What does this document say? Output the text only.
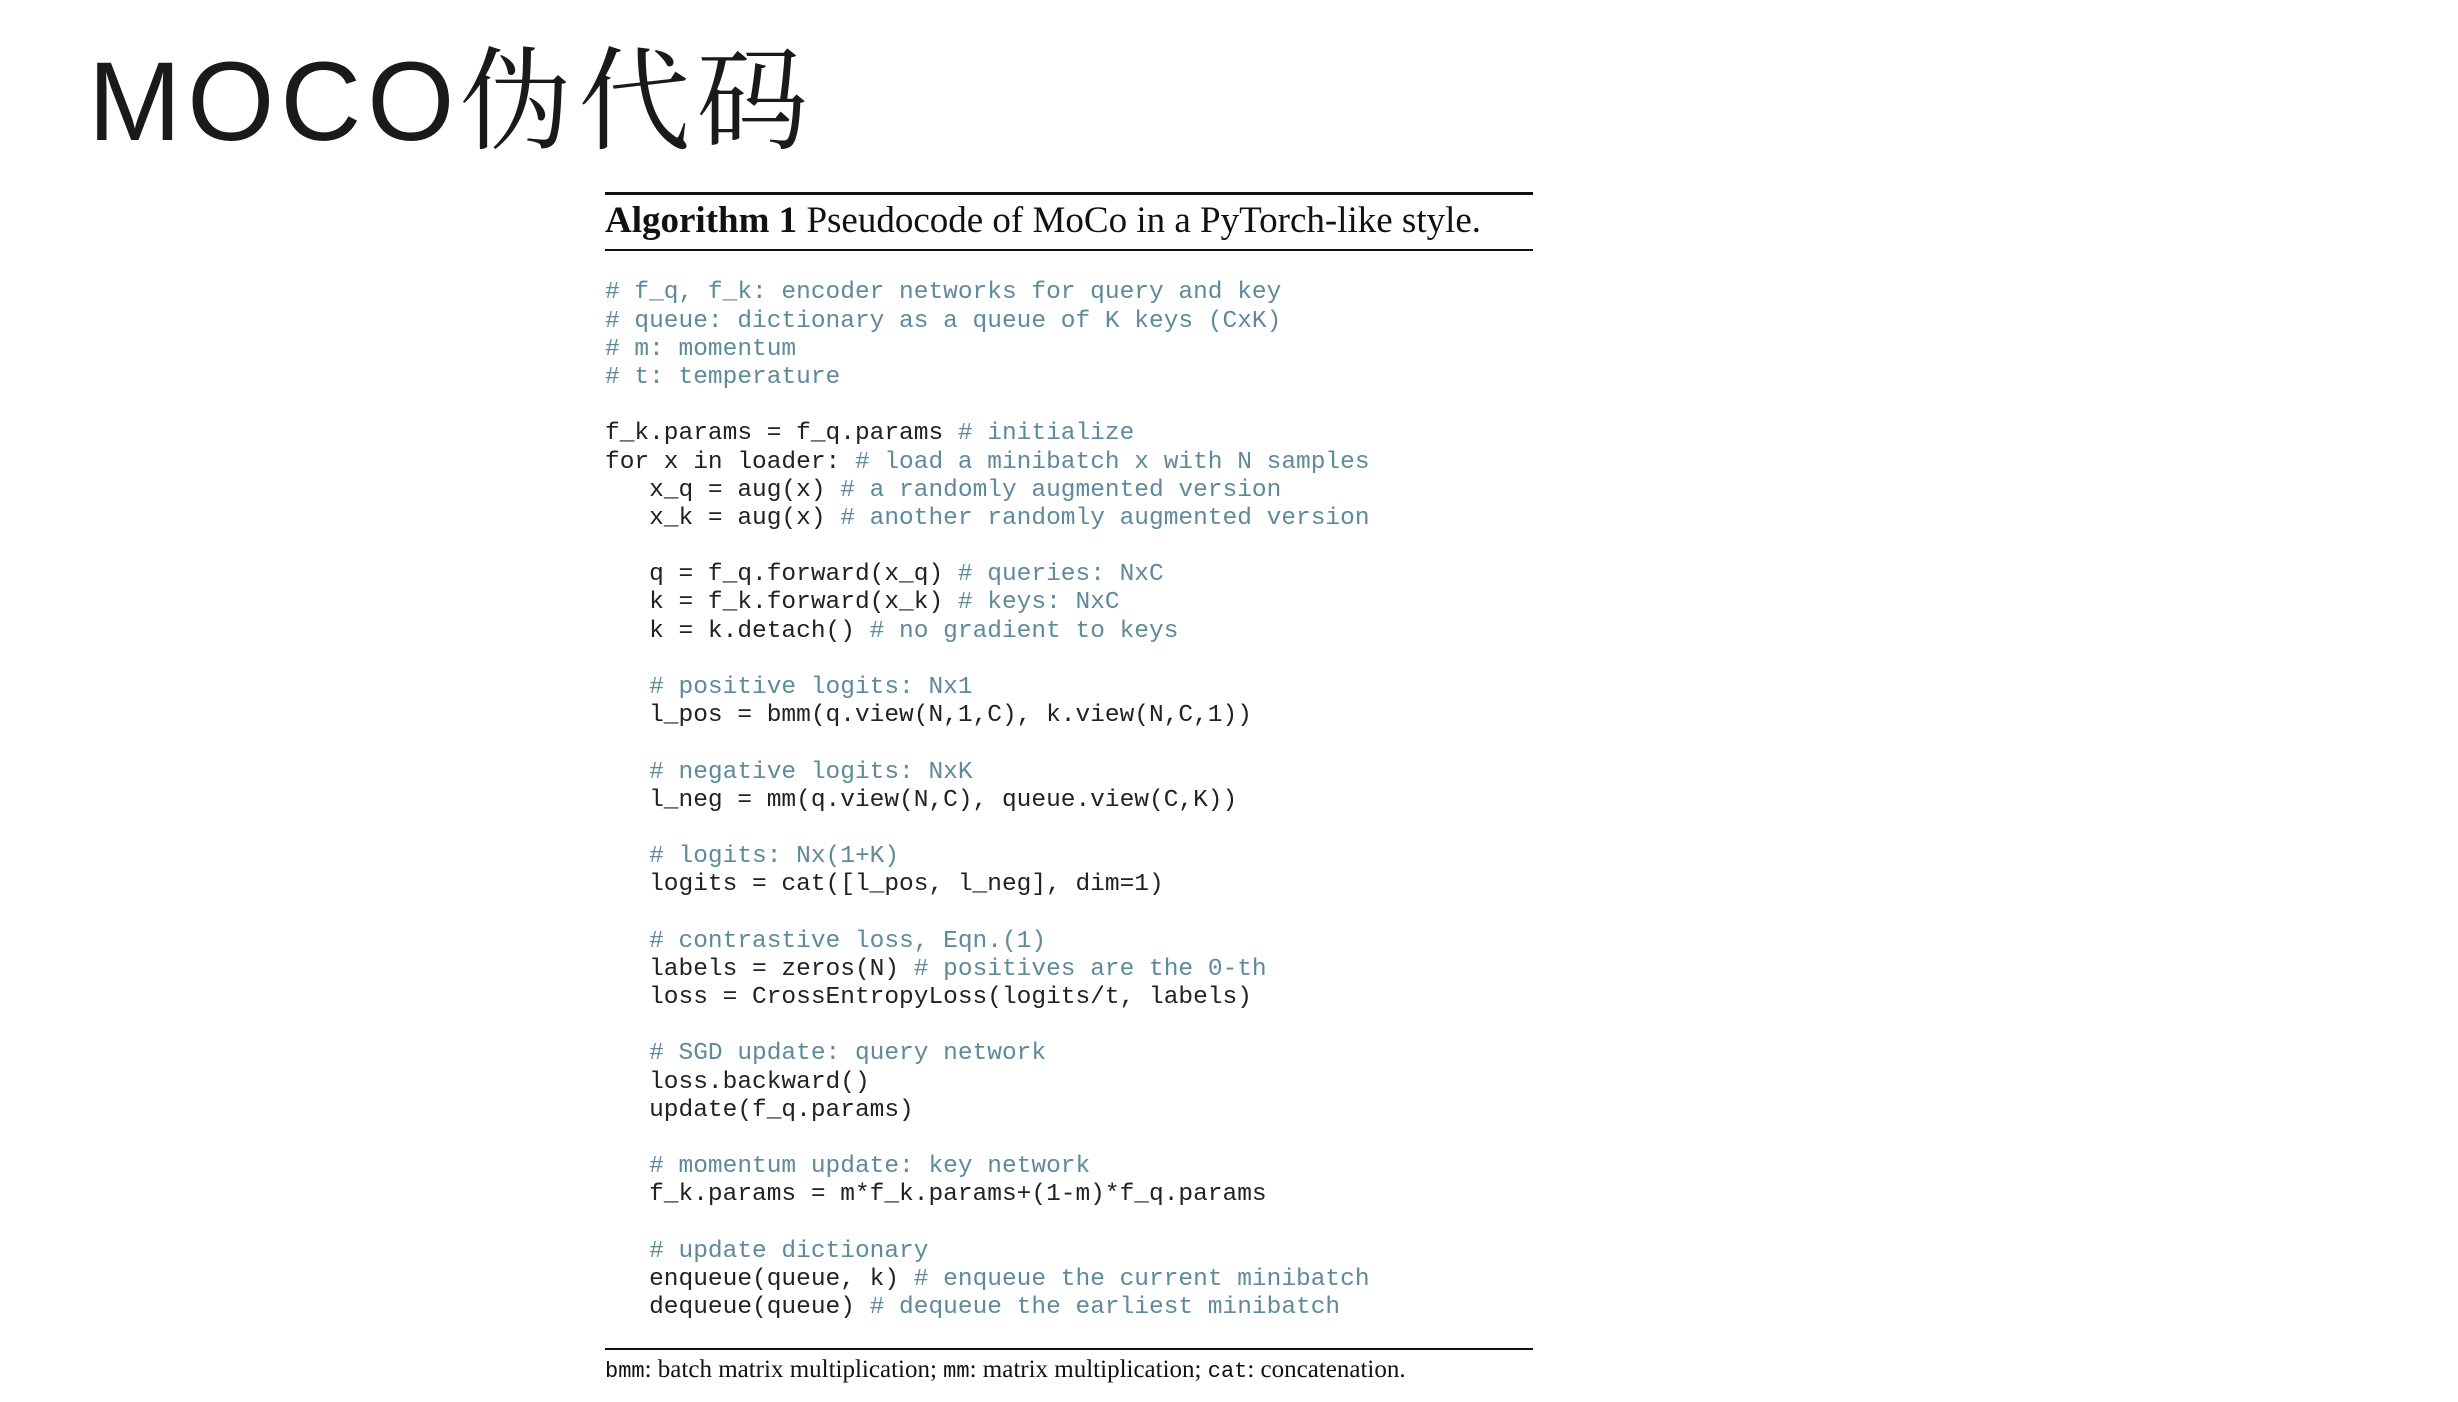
MOCO伪代码
Algorithm 1 Pseudocode of MoCo in a PyTorch-like style.
# f_q, f_k: encoder networks for query and key
# queue: dictionary as a queue of K keys (CxK)
# m: momentum
# t: temperature
f_k.params = f_q.params # initialize
for x in loader: # load a minibatch x with N samples
x_q = aug(x) # a randomly augmented version
x_k = aug(x) # another randomly augmented version
q = f_q.forward(x_q) # queries: NxC
k = f_k.forward(x_k) # keys: NxC
k = k.detach() # no gradient to keys
# positive logits: Nx1
l_pos = bmm(q.view(N,1,C), k.view(N,C,1))
# negative logits: NxK
l_neg = mm(q.view(N,C), queue.view(C,K))
# logits: Nx(1+K)
logits = cat([l_pos, l_neg], dim=1)
# contrastive loss, Eqn.(1)
labels = zeros(N) # positives are the 0-th
loss = CrossEntropyLoss(logits/t, labels)
# SGD update: query network
loss.backward()
update(f_q.params)
# momentum update: key network
f_k.params = m*f_k.params+(1-m)*f_q.params
# update dictionary
enqueue(queue, k) # enqueue the current minibatch
dequeue(queue) # dequeue the earliest minibatch
bmm: batch matrix multiplication; mm: matrix multiplication; cat: concatenation.
